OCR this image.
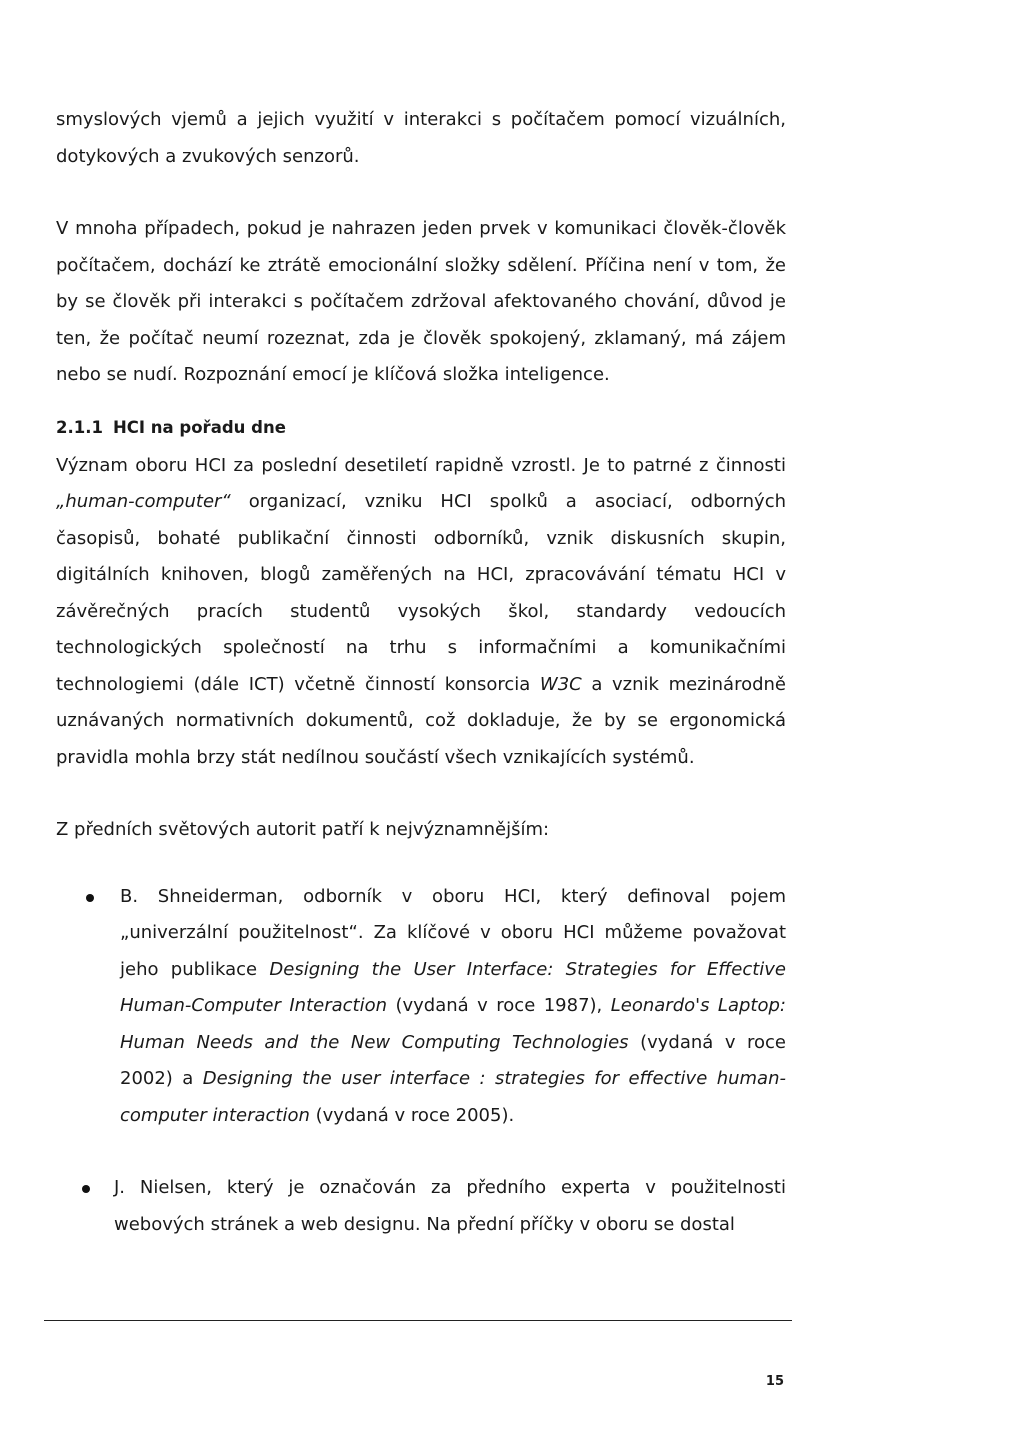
smyslových vjemů a jejich využití v interakci s počítačem pomocí vizuálních, dotykových a zvukových senzorů.

V mnoha případech, pokud je nahrazen jeden prvek v komunikaci člověk-člověk počítačem, dochází ke ztrátě emocionální složky sdělení. Příčina není v tom, že by se člověk při interakci s počítačem zdržoval afektovaného chování, důvod je ten, že počítač neumí rozeznat, zda je člověk spokojený, zklamaný, má zájem nebo se nudí. Rozpoznání emocí je klíčová složka inteligence.

2.1.1 HCI na pořadu dne

Význam oboru HCI za poslední desetiletí rapidně vzrostl. Je to patrné z činnosti „human-computer“ organizací, vzniku HCI spolků a asociací, odborných časopisů, bohaté publikační činnosti odborníků, vznik diskusních skupin, digitálních knihoven, blogů zaměřených na HCI, zpracovávání tématu HCI v závěrečných pracích studentů vysokých škol, standardy vedoucích technologických společností na trhu s informačními a komunikačními technologiemi (dále ICT) včetně činností konsorcia W3C a vznik mezinárodně uznávaných normativních dokumentů, což dokladuje, že by se ergonomická pravidla mohla brzy stát nedílnou součástí všech vznikajících systémů.

Z předních světových autorit patří k nejvýznamnějším:

B. Shneiderman, odborník v oboru HCI, který definoval pojem „univerzální použitelnost“. Za klíčové v oboru HCI můžeme považovat jeho publikace Designing the User Interface: Strategies for Effective Human-Computer Interaction (vydaná v roce 1987), Leonardo's Laptop: Human Needs and the New Computing Technologies (vydaná v roce 2002) a Designing the user interface : strategies for effective human-computer interaction (vydaná v roce 2005).
J. Nielsen, který je označován za předního experta v použitelnosti webových stránek a web designu. Na přední příčky v oboru se dostal
15
